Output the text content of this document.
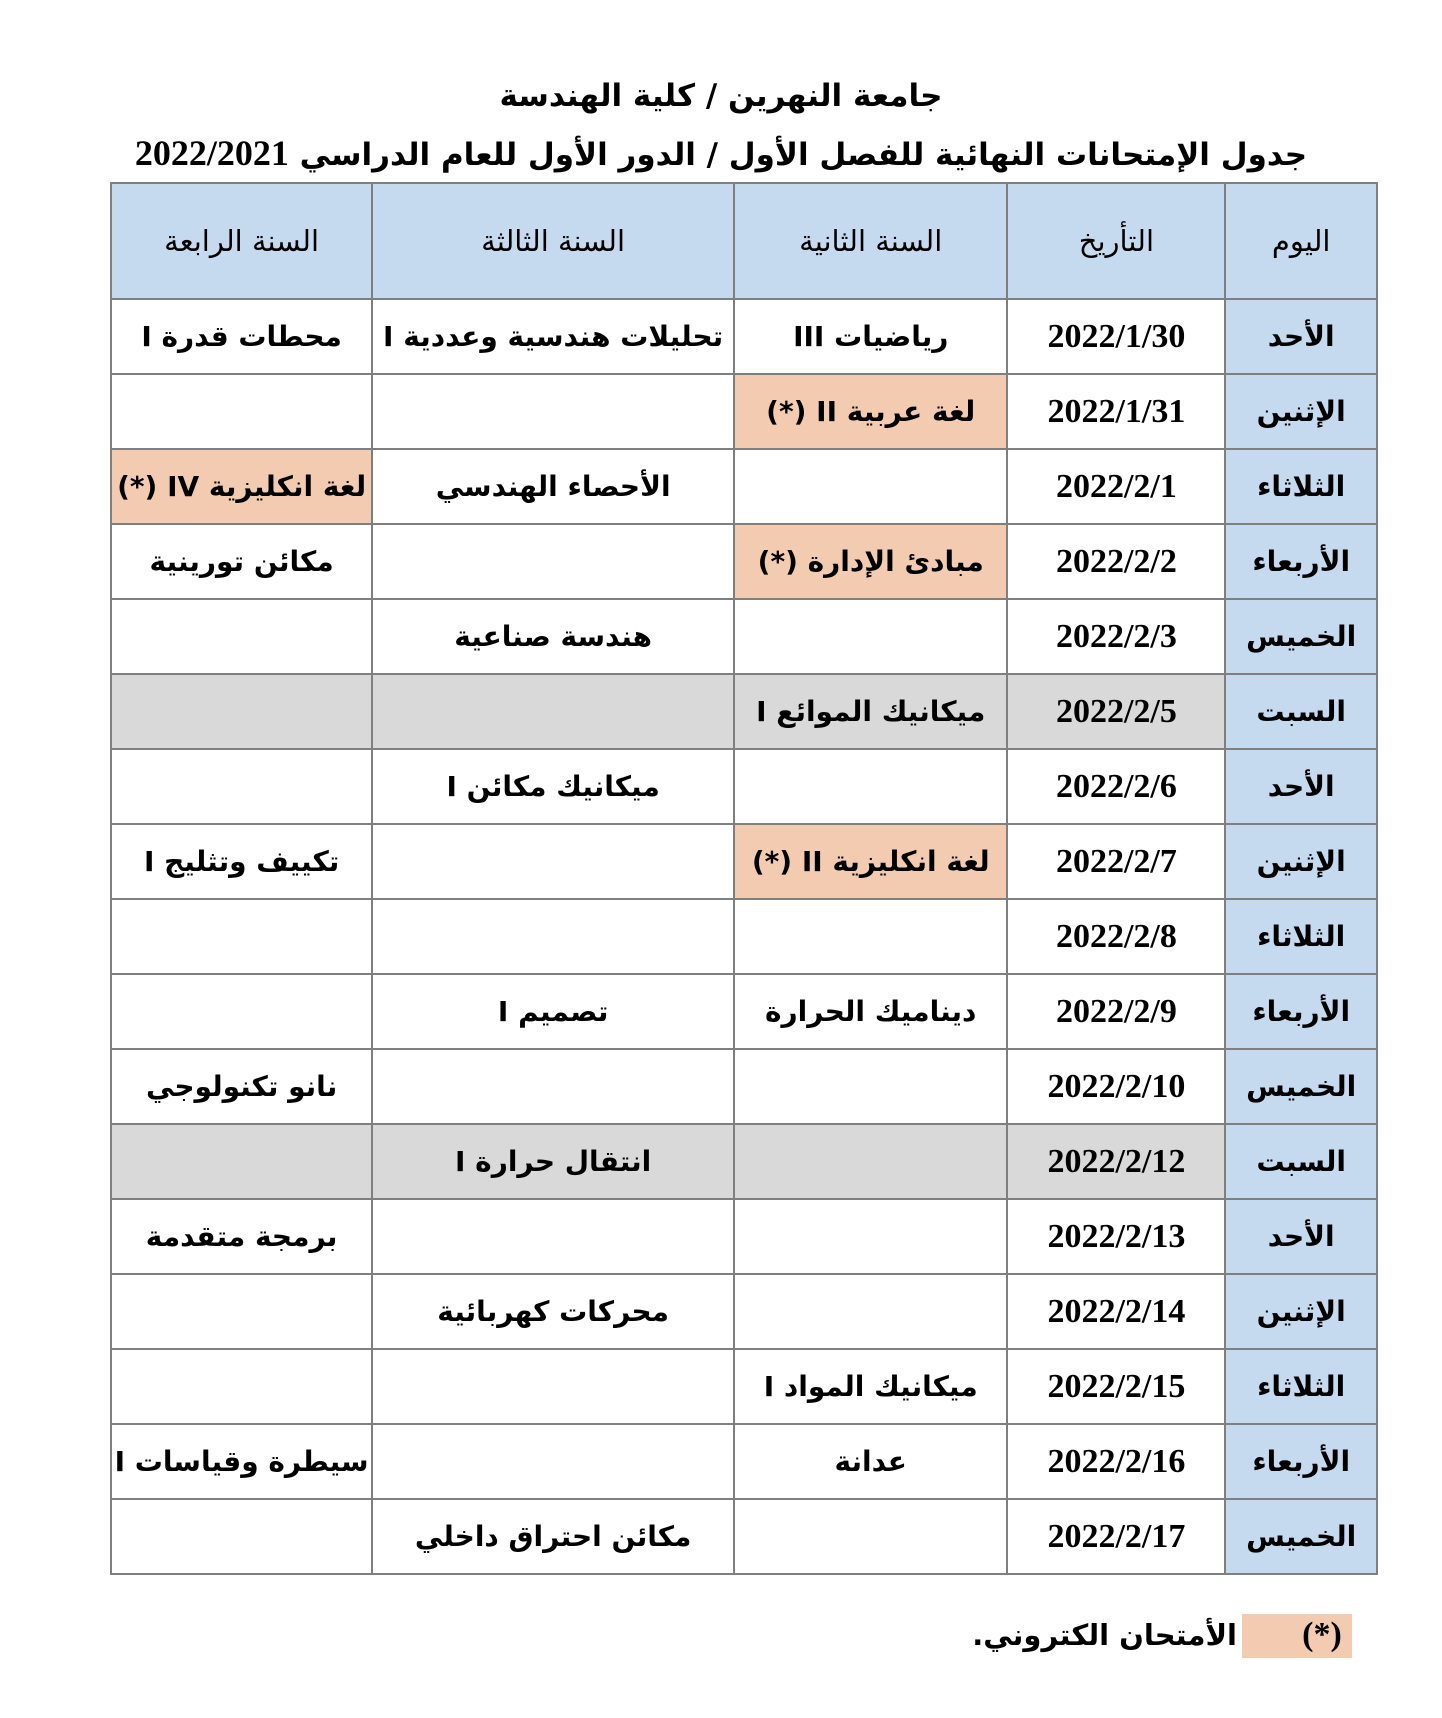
جامعة النهرين / كلية الهندسة
جدول الإمتحانات النهائية للفصل الأول / الدور الأول للعام الدراسي 2022/2021
اليوم	التأريخ	السنة الثانية	السنة الثالثة	السنة الرابعة
الأحد	2022/1/30	رياضيات III	تحليلات هندسية وعددية I	محطات قدرة I
الإثنين	2022/1/31	لغة عربية II (*)		
الثلاثاء	2022/2/1		الأحصاء الهندسي	لغة انكليزية IV (*)
الأربعاء	2022/2/2	مبادئ الإدارة (*)		مكائن تورينية
الخميس	2022/2/3		هندسة صناعية	
السبت	2022/2/5	ميكانيك الموائع I		
الأحد	2022/2/6		ميكانيك مكائن I	
الإثنين	2022/2/7	لغة انكليزية II (*)		تكييف وتثليج I
الثلاثاء	2022/2/8			
الأربعاء	2022/2/9	ديناميك الحرارة	تصميم I	
الخميس	2022/2/10			نانو تكنولوجي
السبت	2022/2/12		انتقال حرارة I	
الأحد	2022/2/13			برمجة متقدمة
الإثنين	2022/2/14		محركات كهربائية	
الثلاثاء	2022/2/15	ميكانيك المواد I		
الأربعاء	2022/2/16	عدانة		سيطرة وقياسات I
الخميس	2022/2/17		مكائن احتراق داخلي	
(*)
الأمتحان الكتروني.
